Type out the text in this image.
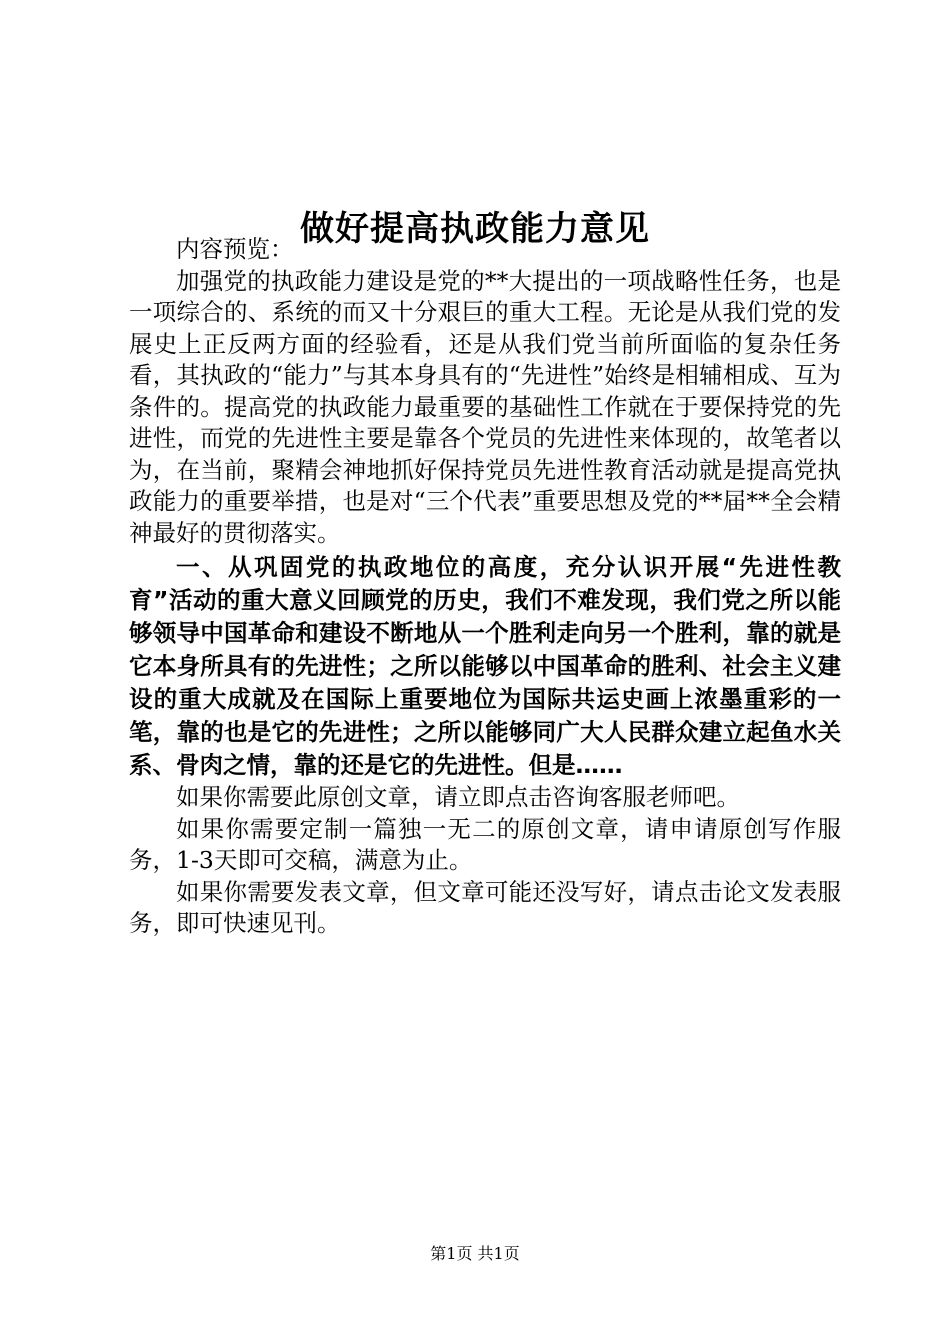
做好提高执政能力意见

内容预览：

加强党的执政能力建设是党的**大提出的一项战略性任务，也是一项综合的、系统的而又十分艰巨的重大工程。无论是从我们党的发展史上正反两方面的经验看，还是从我们党当前所面临的复杂任务看，其执政的“能力”与其本身具有的“先进性”始终是相辅相成、互为条件的。提高党的执政能力最重要的基础性工作就在于要保持党的先进性，而党的先进性主要是靠各个党员的先进性来体现的，故笔者以为，在当前，聚精会神地抓好保持党员先进性教育活动就是提高党执政能力的重要举措，也是对“三个代表”重要思想及党的**届**全会精神最好的贯彻落实。

一、从巩固党的执政地位的高度，充分认识开展“先进性教育”活动的重大意义回顾党的历史，我们不难发现，我们党之所以能够领导中国革命和建设不断地从一个胜利走向另一个胜利，靠的就是它本身所具有的先进性；之所以能够以中国革命的胜利、社会主义建设的重大成就及在国际上重要地位为国际共运史画上浓墨重彩的一笔，靠的也是它的先进性；之所以能够同广大人民群众建立起鱼水关系、骨肉之情，靠的还是它的先进性。但是……

如果你需要此原创文章，请立即点击咨询客服老师吧。

如果你需要定制一篇独一无二的原创文章，请申请原创写作服务，1-3天即可交稿，满意为止。

如果你需要发表文章，但文章可能还没写好，请点击论文发表服务，即可快速见刊。

第1页 共1页
